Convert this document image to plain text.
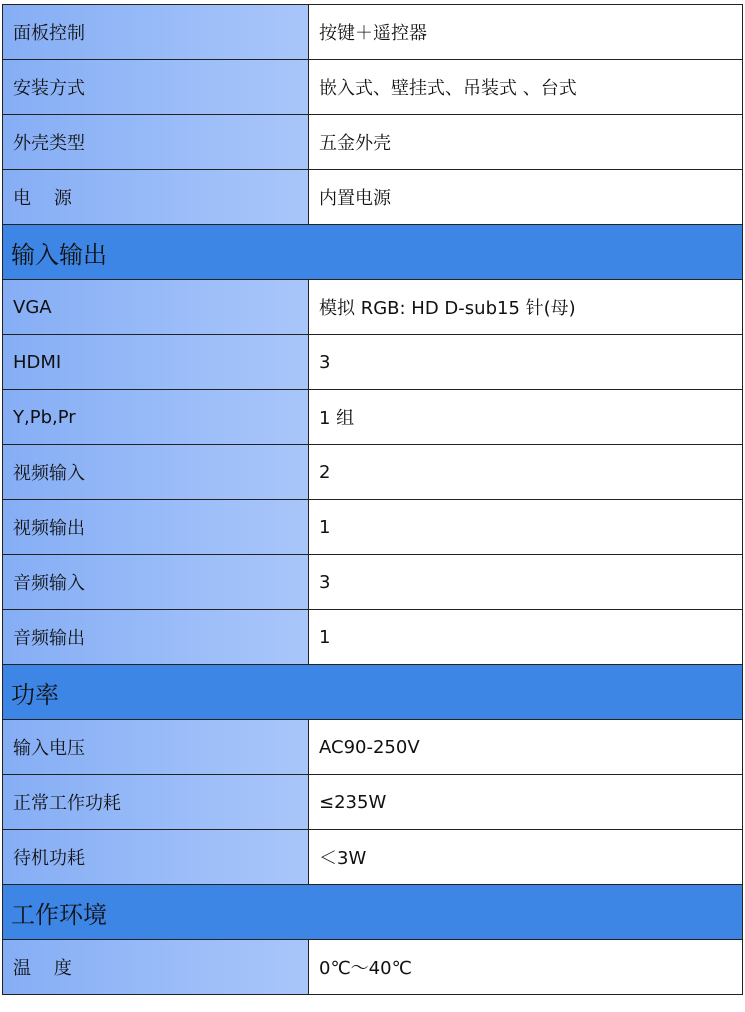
面板控制	按键＋遥控器
安装方式	嵌入式、壁挂式、吊装式 、台式
外壳类型	五金外壳
电    源	内置电源
输入输出
VGA	模拟 RGB: HD D-sub15 针(母)
HDMI	3
Y,Pb,Pr	1 组
视频输入	2
视频输出	1
音频输入	3
音频输出	1
功率
输入电压	AC90-250V
正常工作功耗	≤235W
待机功耗	＜3W
工作环境
温    度	0℃～40℃
